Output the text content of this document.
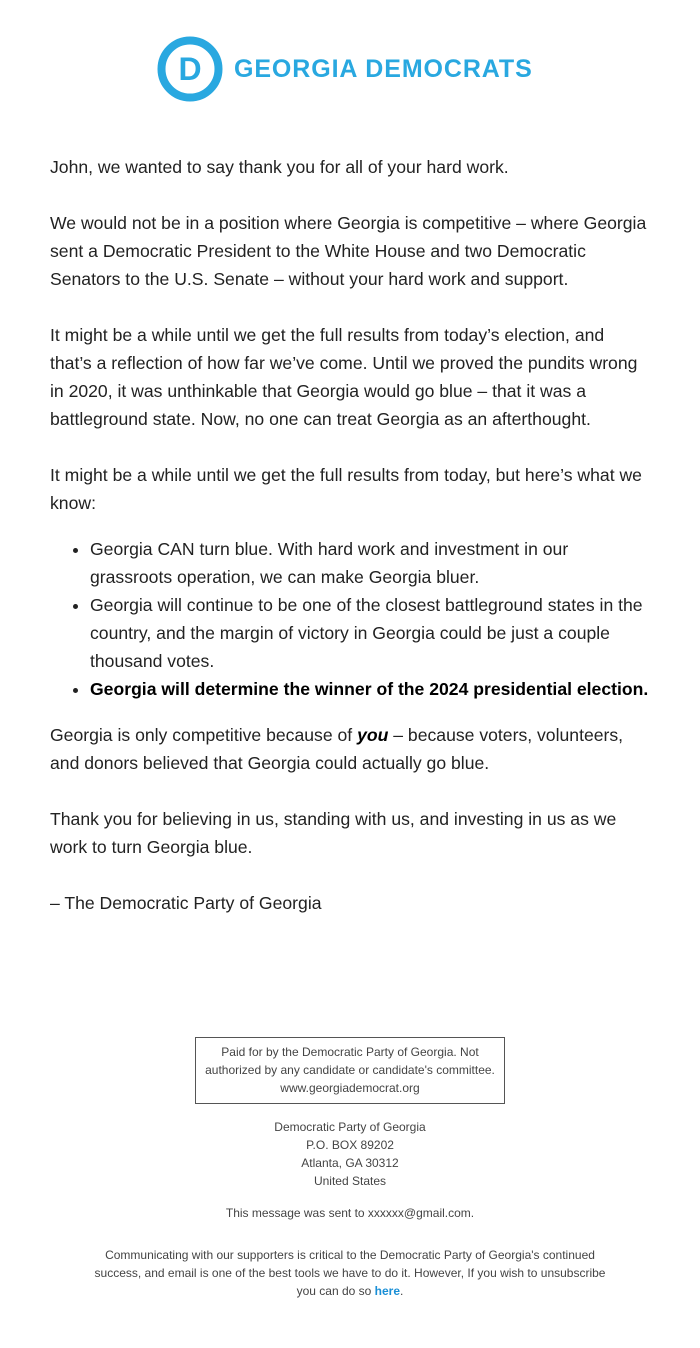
D GEORGIA DEMOCRATS

John, we wanted to say thank you for all of your hard work.

We would not be in a position where Georgia is competitive – where Georgia sent a Democratic President to the White House and two Democratic Senators to the U.S. Senate – without your hard work and support.

It might be a while until we get the full results from today’s election, and that’s a reflection of how far we’ve come. Until we proved the pundits wrong in 2020, it was unthinkable that Georgia would go blue – that it was a battleground state. Now, no one can treat Georgia as an afterthought.

It might be a while until we get the full results from today, but here’s what we know:

• Georgia CAN turn blue. With hard work and investment in our grassroots operation, we can make Georgia bluer.
• Georgia will continue to be one of the closest battleground states in the country, and the margin of victory in Georgia could be just a couple thousand votes.
• Georgia will determine the winner of the 2024 presidential election.

Georgia is only competitive because of you – because voters, volunteers, and donors believed that Georgia could actually go blue.

Thank you for believing in us, standing with us, and investing in us as we work to turn Georgia blue.

– The Democratic Party of Georgia

Paid for by the Democratic Party of Georgia. Not
authorized by any candidate or candidate's committee.
www.georgiademocrat.org
Democratic Party of Georgia
P.O. BOX 89202
Atlanta, GA 30312
United States
This message was sent to xxxxxx@gmail.com.
Communicating with our supporters is critical to the Democratic Party of Georgia's continued success, and email is one of the best tools we have to do it. However, If you wish to unsubscribe you can do so here.
